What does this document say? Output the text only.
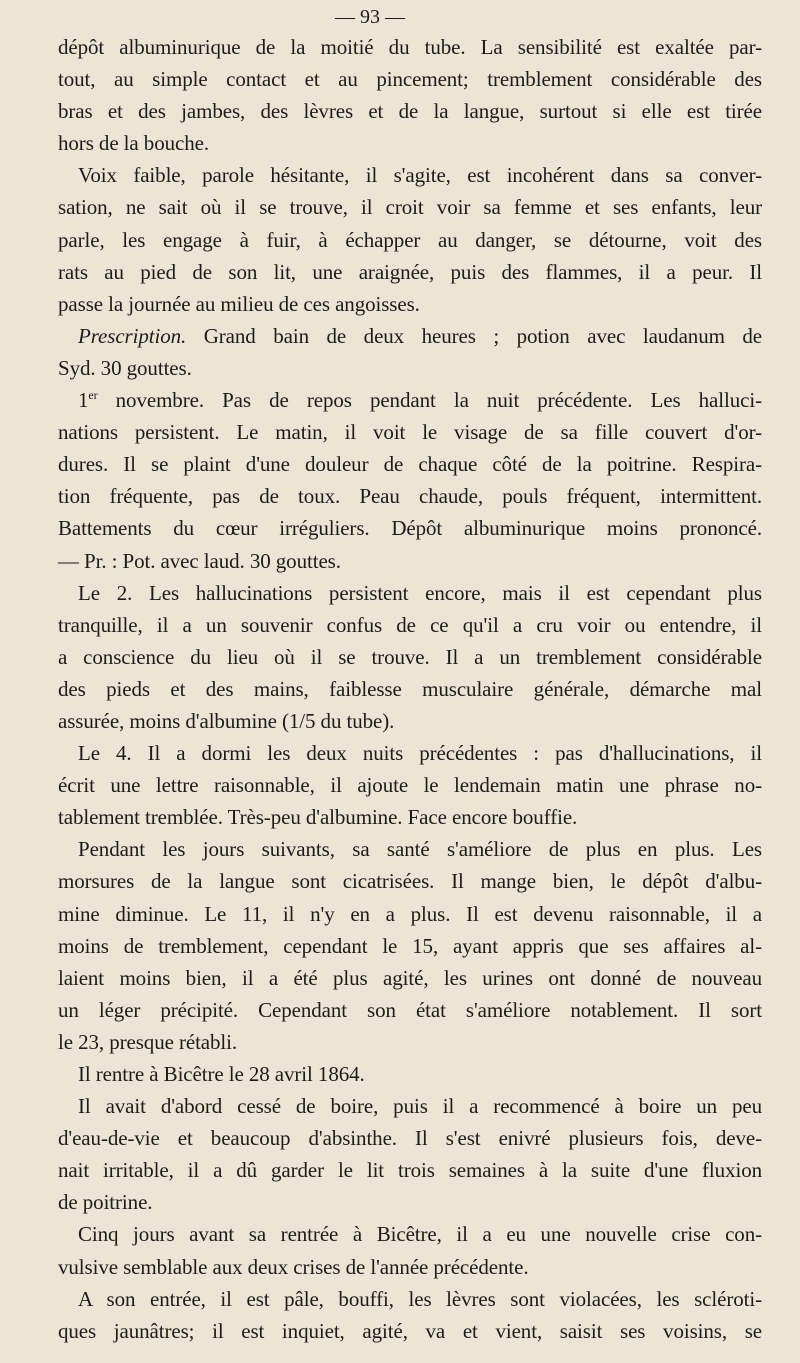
— 93 —
dépôt albuminurique de la moitié du tube. La sensibilité est exaltée par-
tout, au simple contact et au pincement; tremblement considérable des
bras et des jambes, des lèvres et de la langue, surtout si elle est tirée
hors de la bouche.
Voix faible, parole hésitante, il s'agite, est incohérent dans sa conver-
sation, ne sait où il se trouve, il croit voir sa femme et ses enfants, leur
parle, les engage à fuir, à échapper au danger, se détourne, voit des
rats au pied de son lit, une araignée, puis des flammes, il a peur. Il
passe la journée au milieu de ces angoisses.
Prescription. Grand bain de deux heures ; potion avec laudanum de
Syd. 30 gouttes.
1er novembre. Pas de repos pendant la nuit précédente. Les halluci-
nations persistent. Le matin, il voit le visage de sa fille couvert d'or-
dures. Il se plaint d'une douleur de chaque côté de la poitrine. Respira-
tion fréquente, pas de toux. Peau chaude, pouls fréquent, intermittent.
Battements du cœur irréguliers. Dépôt albuminurique moins prononcé.
— Pr. : Pot. avec laud. 30 gouttes.
Le 2. Les hallucinations persistent encore, mais il est cependant plus
tranquille, il a un souvenir confus de ce qu'il a cru voir ou entendre, il
a conscience du lieu où il se trouve. Il a un tremblement considérable
des pieds et des mains, faiblesse musculaire générale, démarche mal
assurée, moins d'albumine (1/5 du tube).
Le 4. Il a dormi les deux nuits précédentes : pas d'hallucinations, il
écrit une lettre raisonnable, il ajoute le lendemain matin une phrase no-
tablement tremblée. Très-peu d'albumine. Face encore bouffie.
Pendant les jours suivants, sa santé s'améliore de plus en plus. Les
morsures de la langue sont cicatrisées. Il mange bien, le dépôt d'albu-
mine diminue. Le 11, il n'y en a plus. Il est devenu raisonnable, il a
moins de tremblement, cependant le 15, ayant appris que ses affaires al-
laient moins bien, il a été plus agité, les urines ont donné de nouveau
un léger précipité. Cependant son état s'améliore notablement. Il sort
le 23, presque rétabli.
Il rentre à Bicêtre le 28 avril 1864.
Il avait d'abord cessé de boire, puis il a recommencé à boire un peu
d'eau-de-vie et beaucoup d'absinthe. Il s'est enivré plusieurs fois, deve-
nait irritable, il a dû garder le lit trois semaines à la suite d'une fluxion
de poitrine.
Cinq jours avant sa rentrée à Bicêtre, il a eu une nouvelle crise con-
vulsive semblable aux deux crises de l'année précédente.
A son entrée, il est pâle, bouffi, les lèvres sont violacées, les scléroti-
ques jaunâtres; il est inquiet, agité, va et vient, saisit ses voisins, se
